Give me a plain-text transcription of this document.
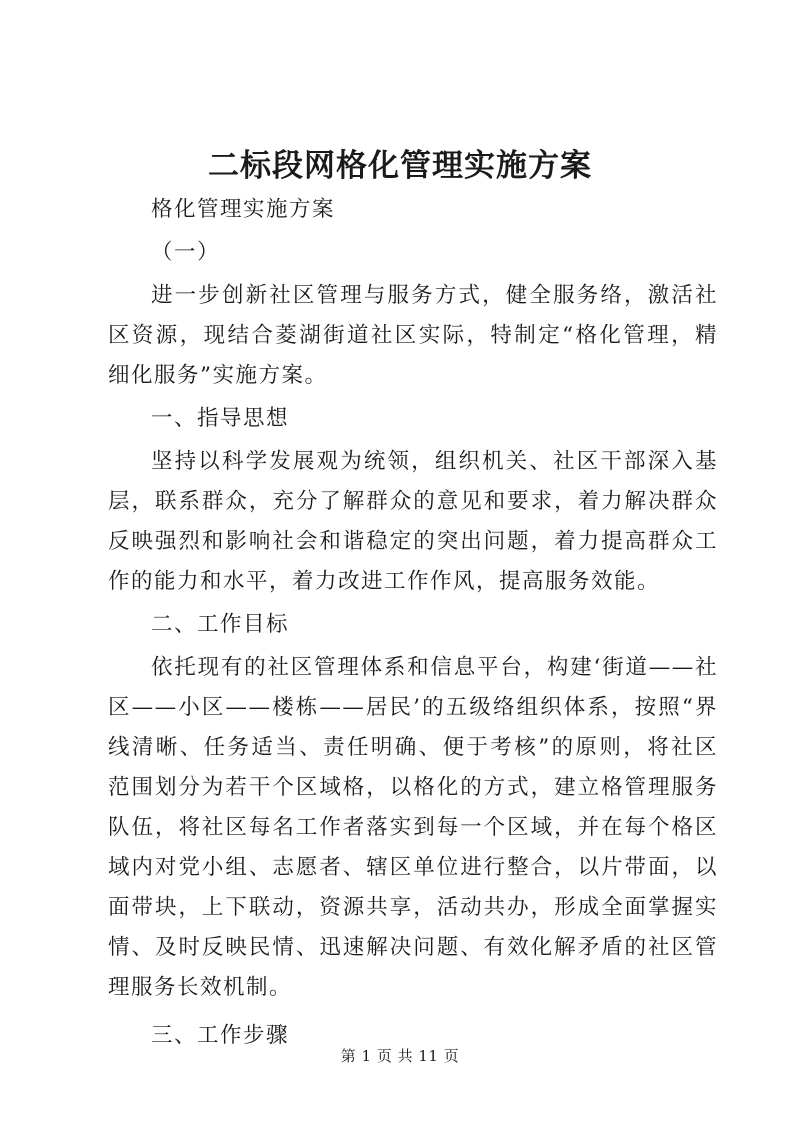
二标段网格化管理实施方案

格化管理实施方案

（一）

进一步创新社区管理与服务方式，健全服务络，激活社区资源，现结合菱湖街道社区实际，特制定“格化管理，精细化服务”实施方案。

一、指导思想

坚持以科学发展观为统领，组织机关、社区干部深入基层，联系群众，充分了解群众的意见和要求，着力解决群众反映强烈和影响社会和谐稳定的突出问题，着力提高群众工作的能力和水平，着力改进工作作风，提高服务效能。

二、工作目标

依托现有的社区管理体系和信息平台，构建‘街道——社区——小区——楼栋——居民’的五级络组织体系，按照“界线清晰、任务适当、责任明确、便于考核”的原则，将社区范围划分为若干个区域格，以格化的方式，建立格管理服务队伍，将社区每名工作者落实到每一个区域，并在每个格区域内对党小组、志愿者、辖区单位进行整合，以片带面，以面带块，上下联动，资源共享，活动共办，形成全面掌握实情、及时反映民情、迅速解决问题、有效化解矛盾的社区管理服务长效机制。

三、工作步骤

第 1 页 共 11 页
